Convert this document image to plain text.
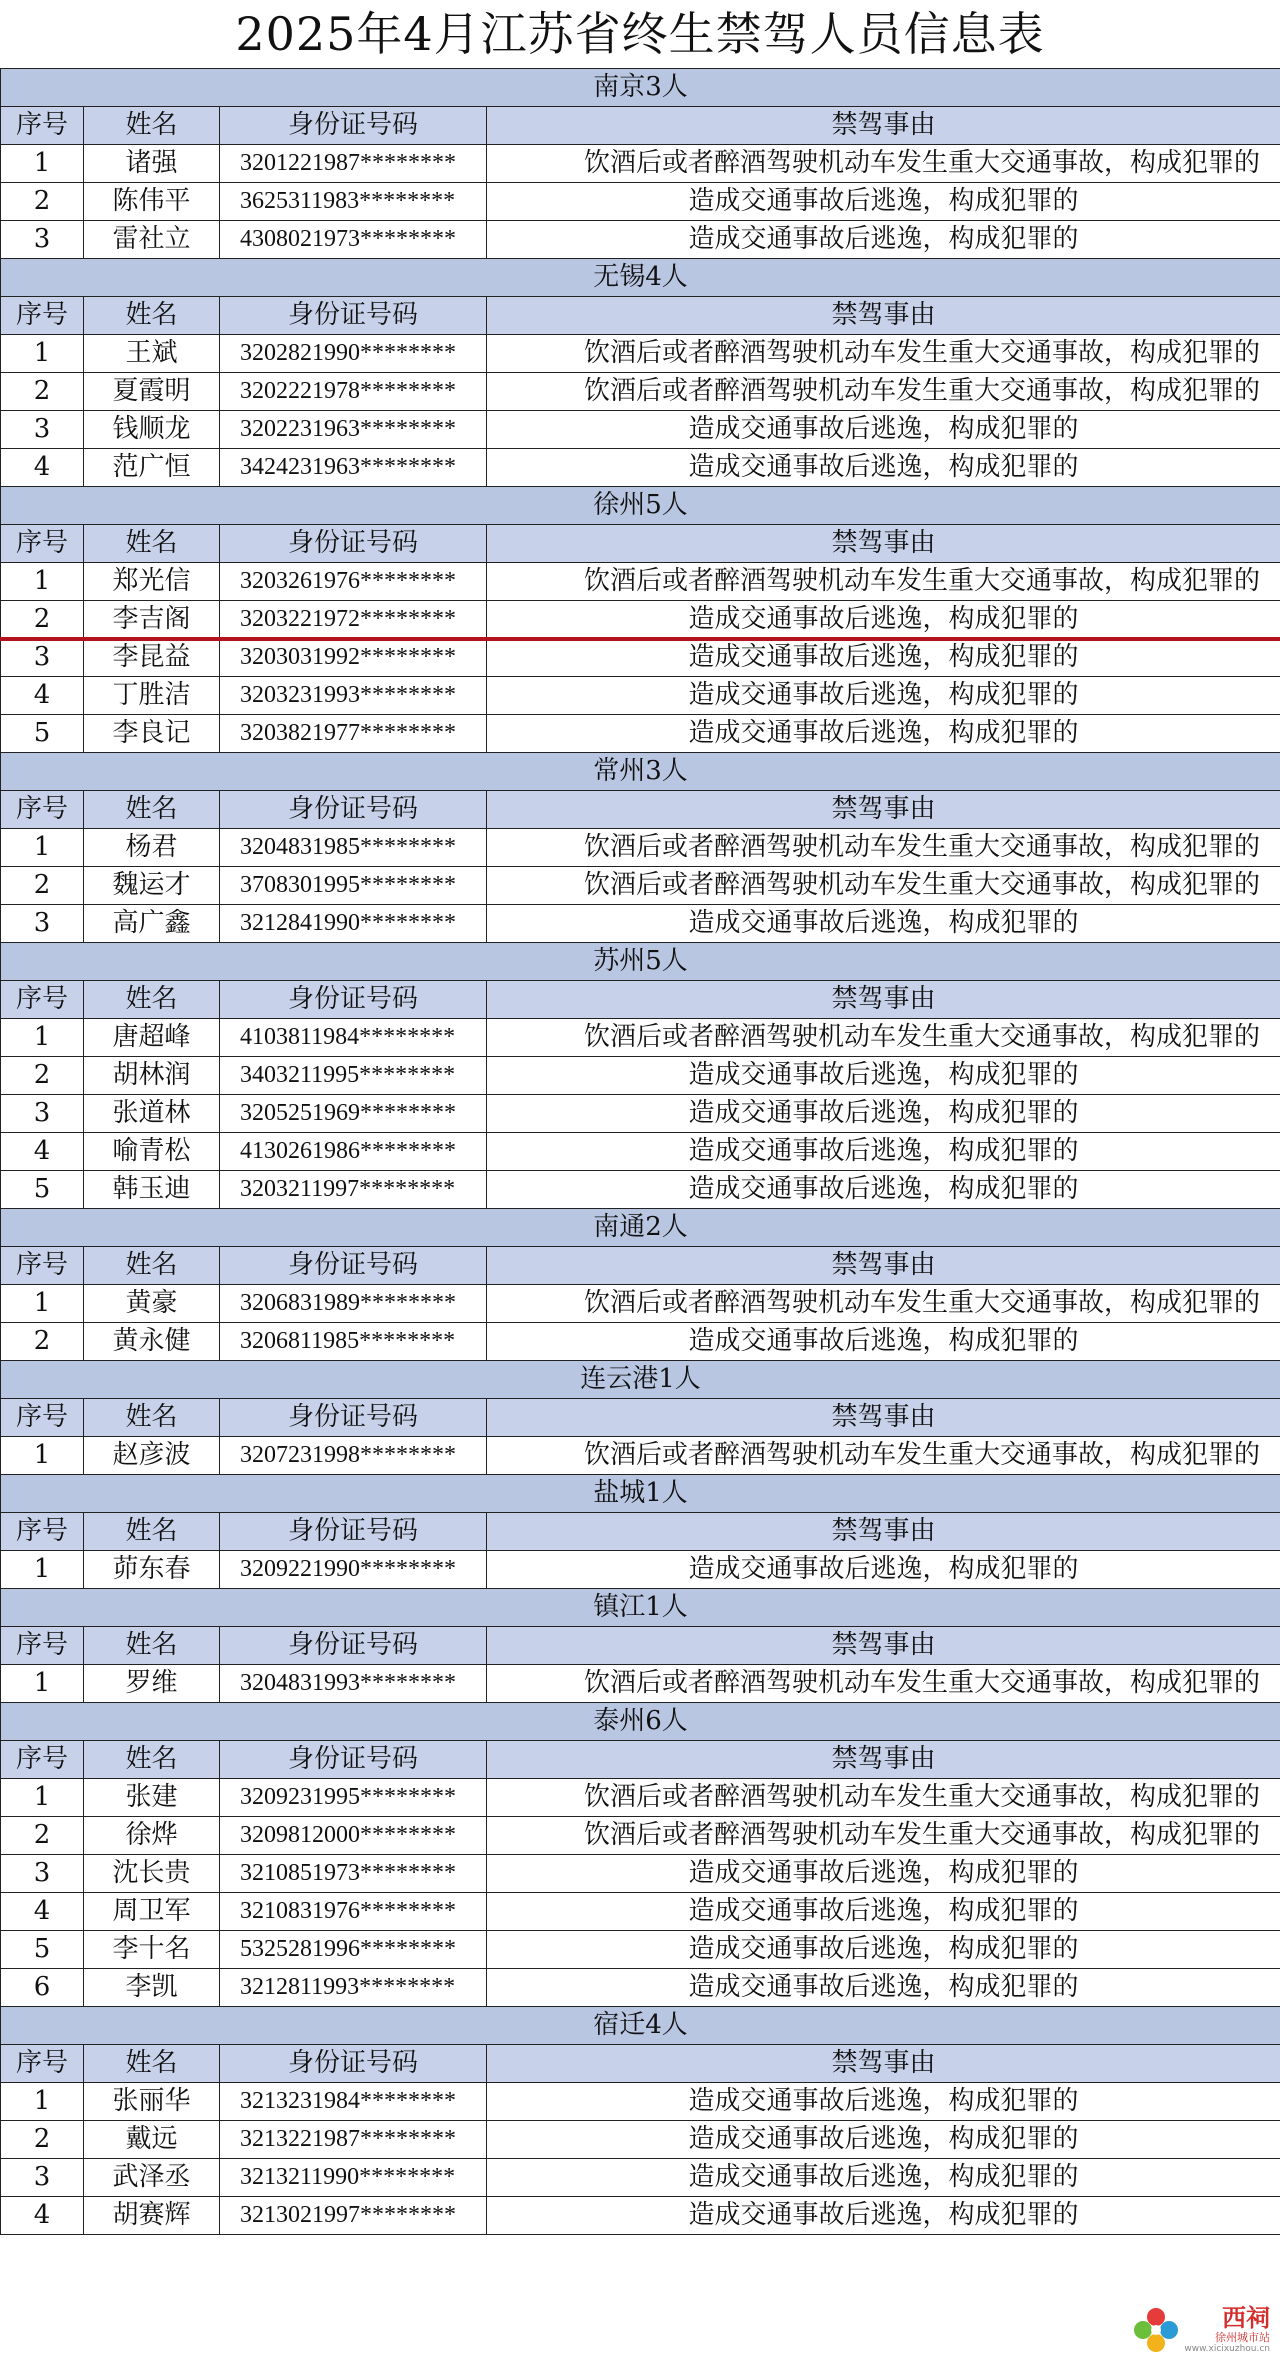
2025年4月江苏省终生禁驾人员信息表
南京3人			
序号	姓名	身份证号码	禁驾事由
1	诸强	3201221987********	饮酒后或者醉酒驾驶机动车发生重大交通事故，构成犯罪的
2	陈伟平	3625311983********	造成交通事故后逃逸，构成犯罪的
3	雷社立	4308021973********	造成交通事故后逃逸，构成犯罪的
无锡4人			
序号	姓名	身份证号码	禁驾事由
1	王斌	3202821990********	饮酒后或者醉酒驾驶机动车发生重大交通事故，构成犯罪的
2	夏霞明	3202221978********	饮酒后或者醉酒驾驶机动车发生重大交通事故，构成犯罪的
3	钱顺龙	3202231963********	造成交通事故后逃逸，构成犯罪的
4	范广恒	3424231963********	造成交通事故后逃逸，构成犯罪的
徐州5人			
序号	姓名	身份证号码	禁驾事由
1	郑光信	3203261976********	饮酒后或者醉酒驾驶机动车发生重大交通事故，构成犯罪的
2	李吉阁	3203221972********	造成交通事故后逃逸，构成犯罪的
3	李昆益	3203031992********	造成交通事故后逃逸，构成犯罪的
4	丁胜洁	3203231993********	造成交通事故后逃逸，构成犯罪的
5	李良记	3203821977********	造成交通事故后逃逸，构成犯罪的
常州3人			
序号	姓名	身份证号码	禁驾事由
1	杨君	3204831985********	饮酒后或者醉酒驾驶机动车发生重大交通事故，构成犯罪的
2	魏运才	3708301995********	饮酒后或者醉酒驾驶机动车发生重大交通事故，构成犯罪的
3	高广鑫	3212841990********	造成交通事故后逃逸，构成犯罪的
苏州5人			
序号	姓名	身份证号码	禁驾事由
1	唐超峰	4103811984********	饮酒后或者醉酒驾驶机动车发生重大交通事故，构成犯罪的
2	胡林润	3403211995********	造成交通事故后逃逸，构成犯罪的
3	张道林	3205251969********	造成交通事故后逃逸，构成犯罪的
4	喻青松	4130261986********	造成交通事故后逃逸，构成犯罪的
5	韩玉迪	3203211997********	造成交通事故后逃逸，构成犯罪的
南通2人			
序号	姓名	身份证号码	禁驾事由
1	黄豪	3206831989********	饮酒后或者醉酒驾驶机动车发生重大交通事故，构成犯罪的
2	黄永健	3206811985********	造成交通事故后逃逸，构成犯罪的
连云港1人			
序号	姓名	身份证号码	禁驾事由
1	赵彦波	3207231998********	饮酒后或者醉酒驾驶机动车发生重大交通事故，构成犯罪的
盐城1人			
序号	姓名	身份证号码	禁驾事由
1	茆东春	3209221990********	造成交通事故后逃逸，构成犯罪的
镇江1人			
序号	姓名	身份证号码	禁驾事由
1	罗维	3204831993********	饮酒后或者醉酒驾驶机动车发生重大交通事故，构成犯罪的
泰州6人			
序号	姓名	身份证号码	禁驾事由
1	张建	3209231995********	饮酒后或者醉酒驾驶机动车发生重大交通事故，构成犯罪的
2	徐烨	3209812000********	饮酒后或者醉酒驾驶机动车发生重大交通事故，构成犯罪的
3	沈长贵	3210851973********	造成交通事故后逃逸，构成犯罪的
4	周卫军	3210831976********	造成交通事故后逃逸，构成犯罪的
5	李十名	5325281996********	造成交通事故后逃逸，构成犯罪的
6	李凯	3212811993********	造成交通事故后逃逸，构成犯罪的
宿迁4人			
序号	姓名	身份证号码	禁驾事由
1	张丽华	3213231984********	造成交通事故后逃逸，构成犯罪的
2	戴远	3213221987********	造成交通事故后逃逸，构成犯罪的
3	武泽丞	3213211990********	造成交通事故后逃逸，构成犯罪的
4	胡赛辉	3213021997********	造成交通事故后逃逸，构成犯罪的
西祠
徐州城市站
www.xicixuzhou.cn
